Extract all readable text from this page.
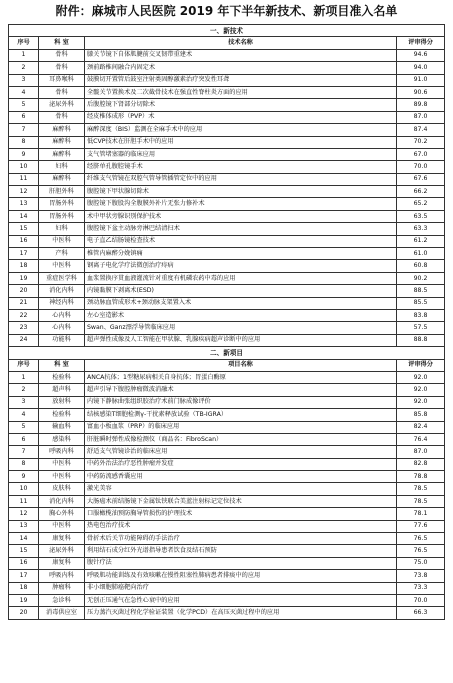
附件：麻城市人民医院 2019 年下半年新技术、新项目准入名单
一、新技术			
序号	科 室	技术名称	评审得分
1	骨科	膝关节镜下自体肌腱前交叉韧带重建术	94.6
2	骨科	颈前路椎间融合内固定术	94.0
3	耳鼻喉科	鼓膜切开置管后鼓室注射类固醇激素治疗突发性耳聋	91.0
4	骨科	全髋关节置换术及二次截骨技术在强直性脊柱炎方面的应用	90.6
5	泌尿外科	后腹腔镜下肾部分切除术	89.8
6	骨科	经皮椎体成形（PVP）术	87.0
7	麻醉科	麻醉深度（BIS）监测在全麻手术中的应用	87.4
8	麻醉科	低CVP技术在肝胆手术中的应用	70.2
9	麻醉科	支气管堵塞器的临床应用	67.0
10	妇科	经脐单孔腹腔镜手术	70.0
11	麻醉科	纤维支气管镜在双腔气管导管插管定位中的应用	67.6
12	肝胆外科	腹腔镜下甲状腺切除术	66.2
13	胃肠外科	腹腔镜下腹股沟全腹膜外补片无张力修补术	65.2
14	胃肠外科	术中甲状旁腺识别保护技术	63.5
15	妇科	腹腔镜下盆主动脉旁淋巴结清扫术	63.3
16	中医科	电子直乙结肠镜检查技术	61.2
17	产科	椎管内麻醉分娩镇痛	61.0
18	中医科	钢离子电化学疗法微创治疗痔病	60.8
19	重症医学科	血浆置换序贯血液灌流针对重度有机磷农药中毒的应用	90.2
20	消化内科	内镜黏膜下剥离术(ESD)	88.5
21	神经内科	颈动脉血管成形术+颈动脉支架置入术	85.5
22	心内科	左心室造影术	83.8
23	心内科	Swan、Ganz漂浮导管临床应用	57.5
24	功能科	超声弹性成像及人工智能在甲状腺、乳腺疾病超声诊断中的应用	88.8
二、新项目			
序号	科 室	项目名称	评审得分
1	检验科	ANCA抗体；1型糖尿病相关自身抗体；胃蛋白酶原	92.0
2	超声科	超声引导下腹腔肿瘤微波消融术	92.0
3	放射科	内镜下静脉曲张组织胶治疗术前门脉成像评价	92.0
4	检验科	结核感染T细胞检测γ-干扰素释放试验（TB-IGRA）	85.8
5	输血科	富血小板血浆（PRP）的临床应用	82.4
6	感染科	肝脏瞬时弹性成像检测仪（商品名：FibroScan）	76.4
7	呼吸内科	舒适支气管镜诊治的临床应用	87.0
8	中医科	中药外治法治疗恶性肿瘤并发症	82.8
9	中医科	中药防流感香囊应用	78.8
10	皮肤科	激光美容	78.5
11	消化内科	大肠癌术前结肠镜下金属钛铗联合美蓝注射标记定位技术	78.5
12	胸心外科	口服橄榄油预防胸导管损伤的护理技术	78.1
13	中医科	热电包治疗技术	77.6
14	康复科	骨折术后关节功能障碍的手法治疗	76.5
15	泌尿外科	利用结石成分红外光谱指导患者饮食及结石预防	76.5
16	康复科	腹针疗法	75.0
17	呼吸内科	呼吸肌功能训练及有效咳嗽在慢性阻塞性肺病患者排痰中的应用	73.8
18	肿瘤科	非小细胞肺癌靶向治疗	73.3
19	急诊科	无创正压通气在急性心衰中的应用	70.0
20	消毒供应室	压力蒸汽灭菌过程化学验证装置（化学PCD）在高压灭菌过程中的应用	66.3
